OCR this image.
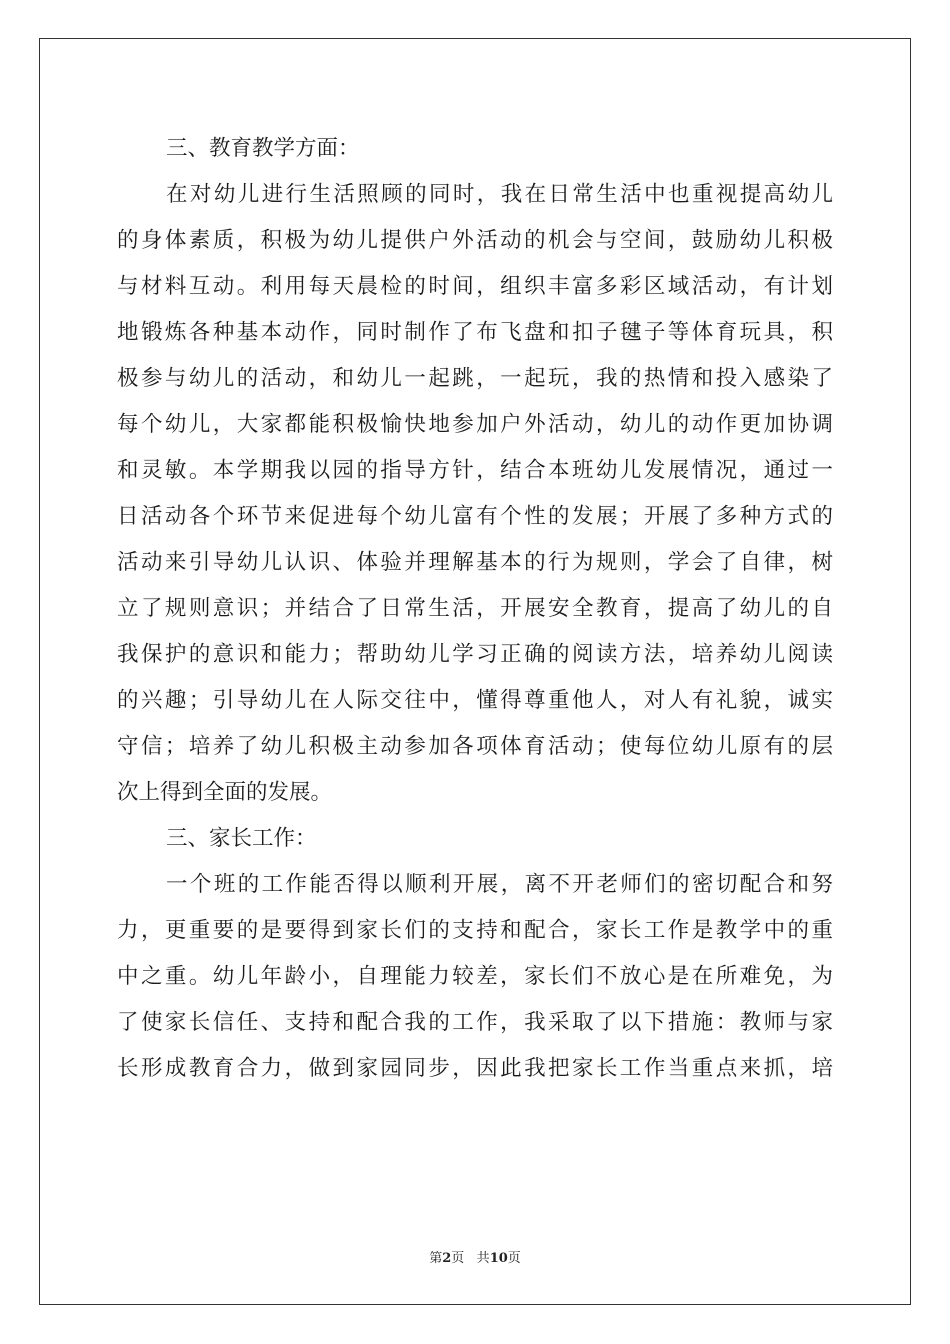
三、教育教学方面：
在对幼儿进行生活照顾的同时，我在日常生活中也重视提高幼儿
的身体素质，积极为幼儿提供户外活动的机会与空间，鼓励幼儿积极
与材料互动。利用每天晨检的时间，组织丰富多彩区域活动，有计划
地锻炼各种基本动作，同时制作了布飞盘和扣子毽子等体育玩具，积
极参与幼儿的活动，和幼儿一起跳，一起玩，我的热情和投入感染了
每个幼儿，大家都能积极愉快地参加户外活动，幼儿的动作更加协调
和灵敏。本学期我以园的指导方针，结合本班幼儿发展情况，通过一
日活动各个环节来促进每个幼儿富有个性的发展；开展了多种方式的
活动来引导幼儿认识、体验并理解基本的行为规则，学会了自律，树
立了规则意识；并结合了日常生活，开展安全教育，提高了幼儿的自
我保护的意识和能力；帮助幼儿学习正确的阅读方法，培养幼儿阅读
的兴趣；引导幼儿在人际交往中，懂得尊重他人，对人有礼貌，诚实
守信；培养了幼儿积极主动参加各项体育活动；使每位幼儿原有的层
次上得到全面的发展。
三、家长工作：
一个班的工作能否得以顺利开展，离不开老师们的密切配合和努
力，更重要的是要得到家长们的支持和配合，家长工作是教学中的重
中之重。幼儿年龄小，自理能力较差，家长们不放心是在所难免，为
了使家长信任、支持和配合我的工作，我采取了以下措施：教师与家
长形成教育合力，做到家园同步，因此我把家长工作当重点来抓，培
第2页 共10页
